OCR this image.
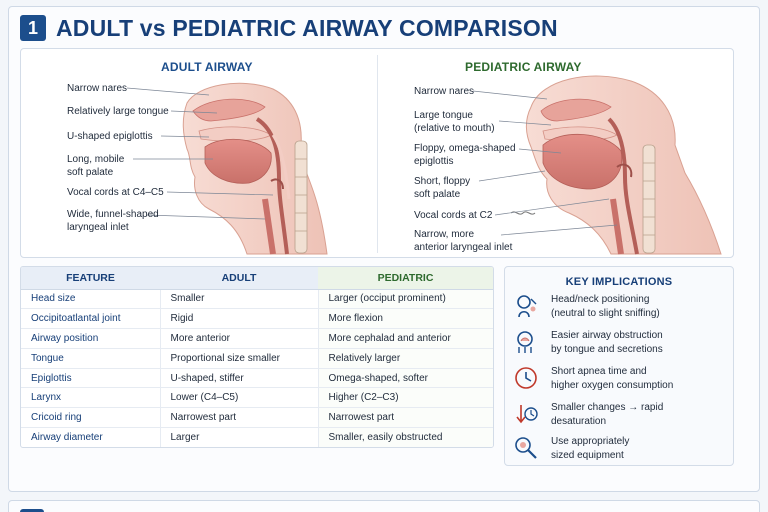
1 ADULT vs PEDIATRIC AIRWAY COMPARISON
ADULT AIRWAY	PEDIATRIC AIRWAY
Narrow nares
Relatively large tongue
U-shaped epiglottis
Long, mobile
soft palate
Vocal cords at C4–C5
Wide, funnel-shaped
laryngeal inlet
Narrow nares
Large tongue
(relative to mouth)
Floppy, omega-shaped
epiglottis
Short, floppy
soft palate
Vocal cords at C2
Narrow, more
anterior laryngeal inlet
FEATURE	ADULT	PEDIATRIC
Head size	Smaller	Larger (occiput prominent)
Occipitoatlantal joint	Rigid	More flexion
Airway position	More anterior	More cephalad and anterior
Tongue	Proportional size smaller	Relatively larger
Epiglottis	U-shaped, stiffer	Omega-shaped, softer
Larynx	Lower (C4–C5)	Higher (C2–C3)
Cricoid ring	Narrowest part	Narrowest part
Airway diameter	Larger	Smaller, easily obstructed
KEY IMPLICATIONS
Head/neck positioning
(neutral to slight sniffing)
Easier airway obstruction
by tongue and secretions
Short apnea time and
higher oxygen consumption
Smaller changes → rapid
desaturation
Use appropriately
sized equipment
